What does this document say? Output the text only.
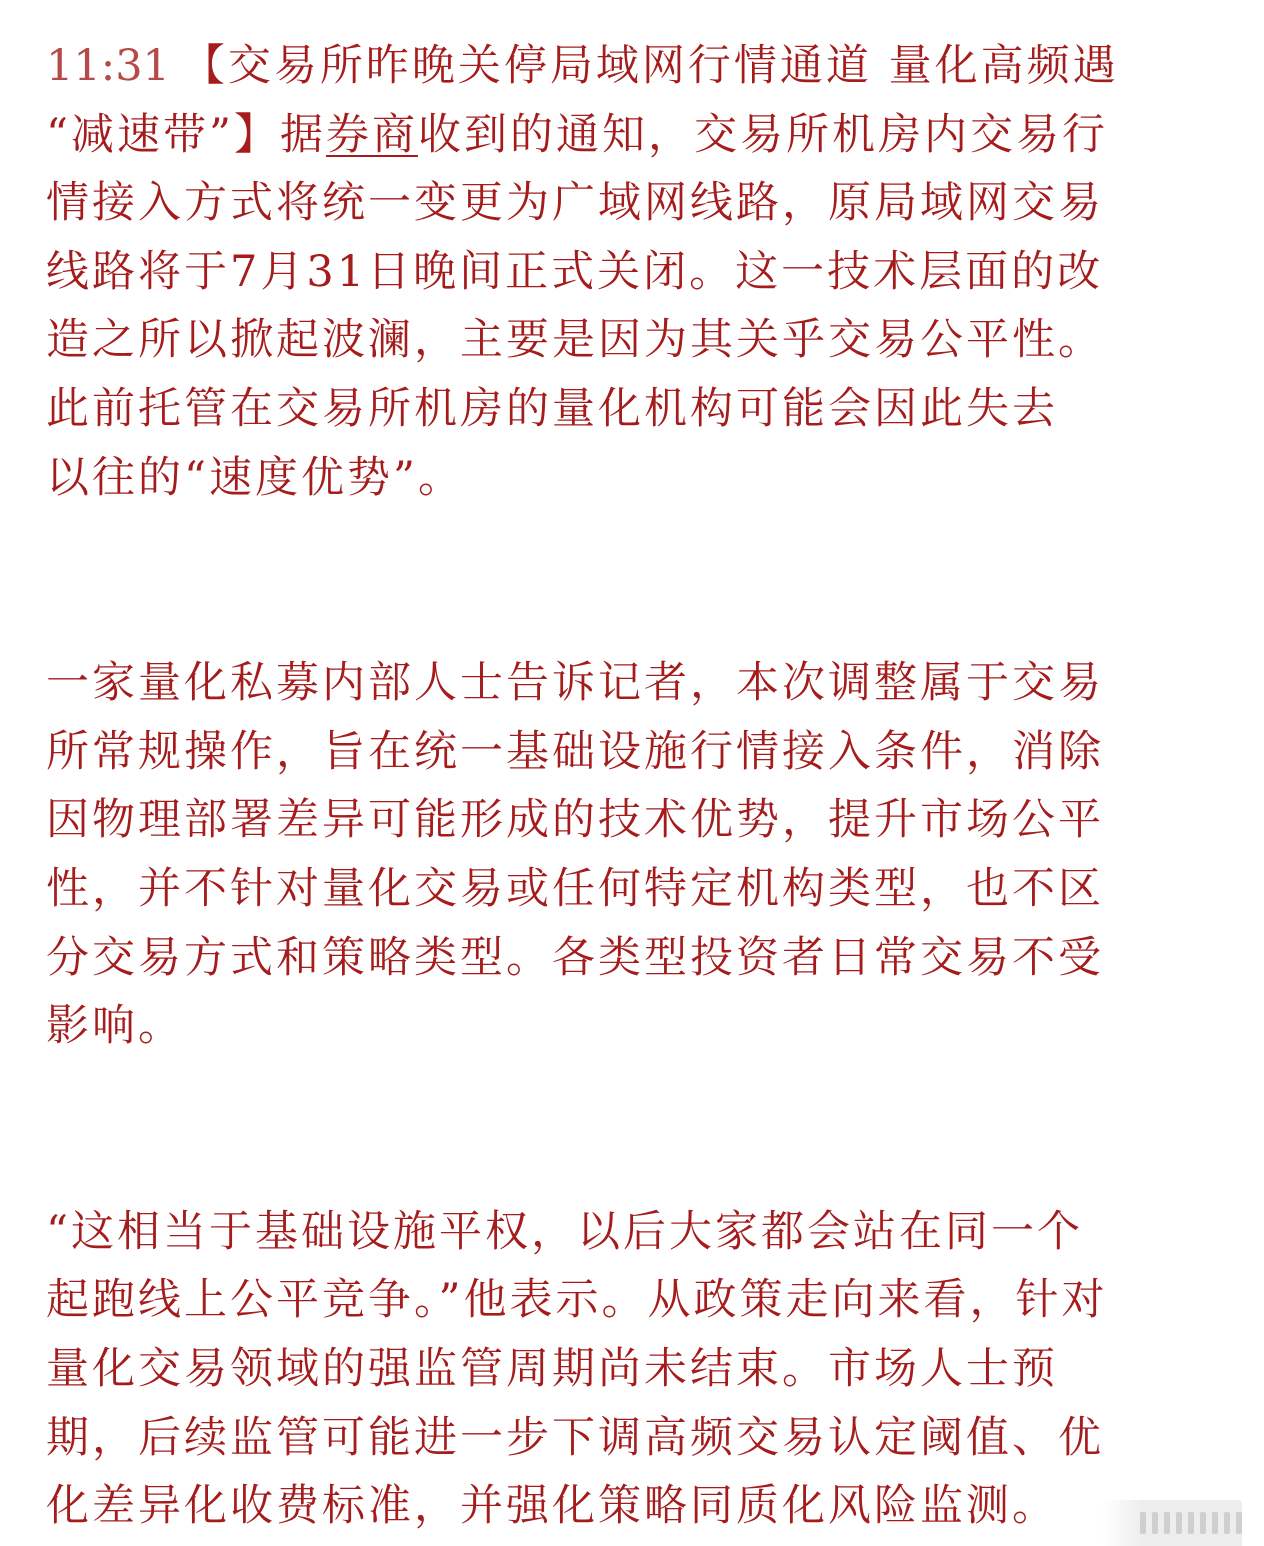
11:31 【交易所昨晚关停局域网行情通道 量化高频遇
“减速带”】据券商收到的通知，交易所机房内交易行
情接入方式将统一变更为广域网线路，原局域网交易
线路将于7月31日晚间正式关闭。这一技术层面的改
造之所以掀起波澜，主要是因为其关乎交易公平性。
此前托管在交易所机房的量化机构可能会因此失去
以往的“速度优势”。
一家量化私募内部人士告诉记者，本次调整属于交易
所常规操作，旨在统一基础设施行情接入条件，消除
因物理部署差异可能形成的技术优势，提升市场公平
性，并不针对量化交易或任何特定机构类型，也不区
分交易方式和策略类型。各类型投资者日常交易不受
影响。
“这相当于基础设施平权，以后大家都会站在同一个
起跑线上公平竞争。”他表示。从政策走向来看，针对
量化交易领域的强监管周期尚未结束。市场人士预
期，后续监管可能进一步下调高频交易认定阈值、优
化差异化收费标准，并强化策略同质化风险监测。
